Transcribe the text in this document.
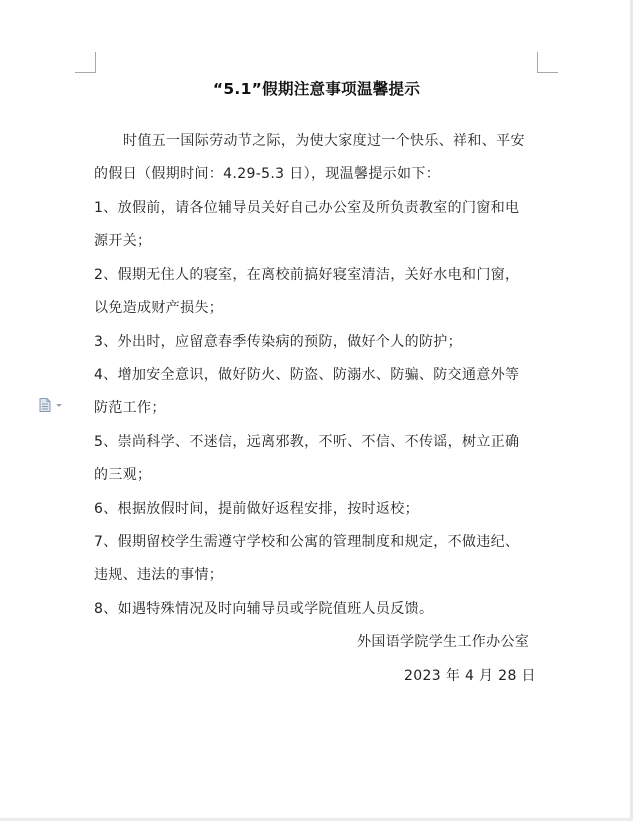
“5.1”假期注意事项温馨提示
时值五一国际劳动节之际，为使大家度过一个快乐、祥和、平安
的假日（假期时间：4.29-5.3 日），现温馨提示如下：
1、放假前，请各位辅导员关好自己办公室及所负责教室的门窗和电
源开关；
2、假期无住人的寝室，在离校前搞好寝室清洁，关好水电和门窗，
以免造成财产损失；
3、外出时，应留意春季传染病的预防，做好个人的防护；
4、增加安全意识，做好防火、防盗、防溺水、防骗、防交通意外等
防范工作；
5、崇尚科学、不迷信，远离邪教，不听、不信、不传谣，树立正确
的三观；
6、根据放假时间，提前做好返程安排，按时返校；
7、假期留校学生需遵守学校和公寓的管理制度和规定，不做违纪、
违规、违法的事情；
8、如遇特殊情况及时向辅导员或学院值班人员反馈。
外国语学院学生工作办公室
2023 年 4 月 28 日
